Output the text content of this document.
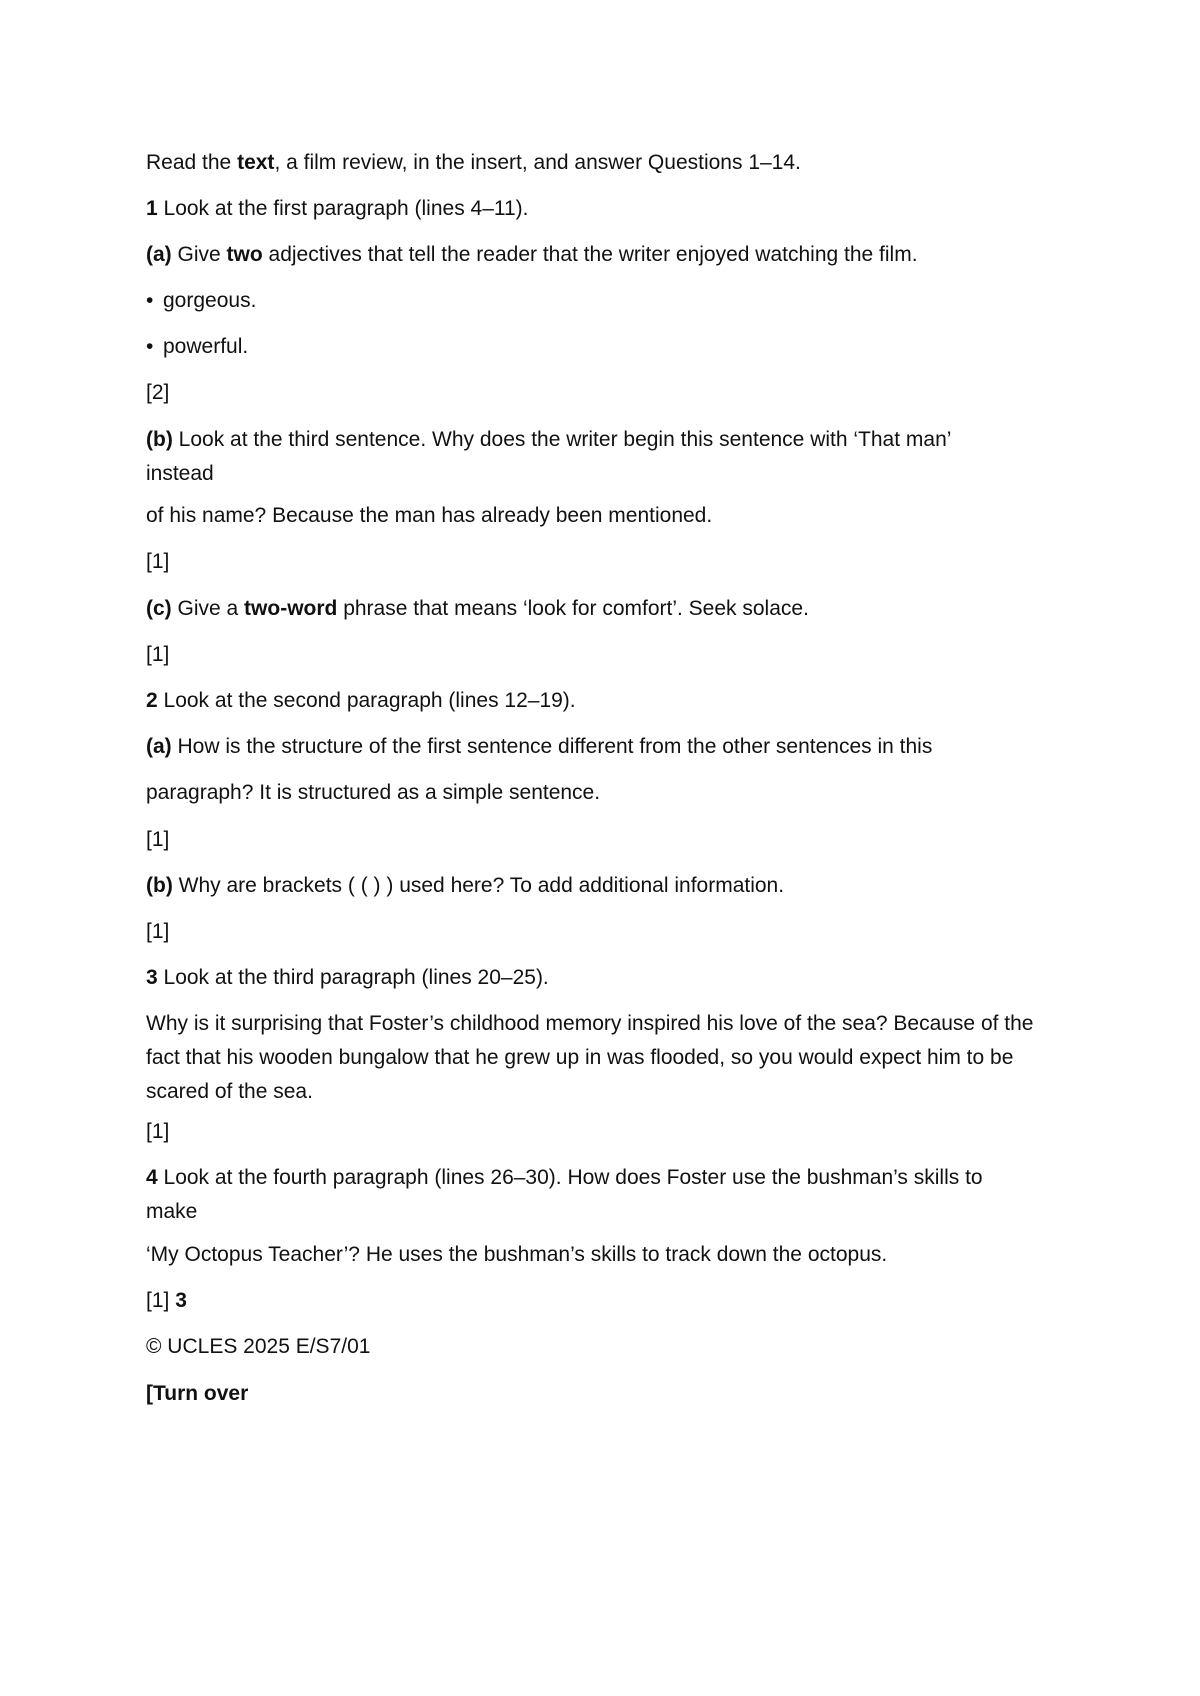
Read the text, a film review, in the insert, and answer Questions 1–14.

1 Look at the first paragraph (lines 4–11).

(a) Give two adjectives that tell the reader that the writer enjoyed watching the film.

• gorgeous.

• powerful.

[2]

(b) Look at the third sentence. Why does the writer begin this sentence with ‘That man’
instead

of his name? Because the man has already been mentioned.

[1]

(c) Give a two-word phrase that means ‘look for comfort’. Seek solace.

[1]

2 Look at the second paragraph (lines 12–19).

(a) How is the structure of the first sentence different from the other sentences in this

paragraph? It is structured as a simple sentence.

[1]

(b) Why are brackets ( ( ) ) used here? To add additional information.

[1]

3 Look at the third paragraph (lines 20–25).

Why is it surprising that Foster’s childhood memory inspired his love of the sea? Because of the fact that his wooden bungalow that he grew up in was flooded, so you would expect him to be scared of the sea.

[1]

4 Look at the fourth paragraph (lines 26–30). How does Foster use the bushman’s skills to
make

‘My Octopus Teacher’? He uses the bushman’s skills to track down the octopus.

[1] 3

© UCLES 2025 E/S7/01

[Turn over
